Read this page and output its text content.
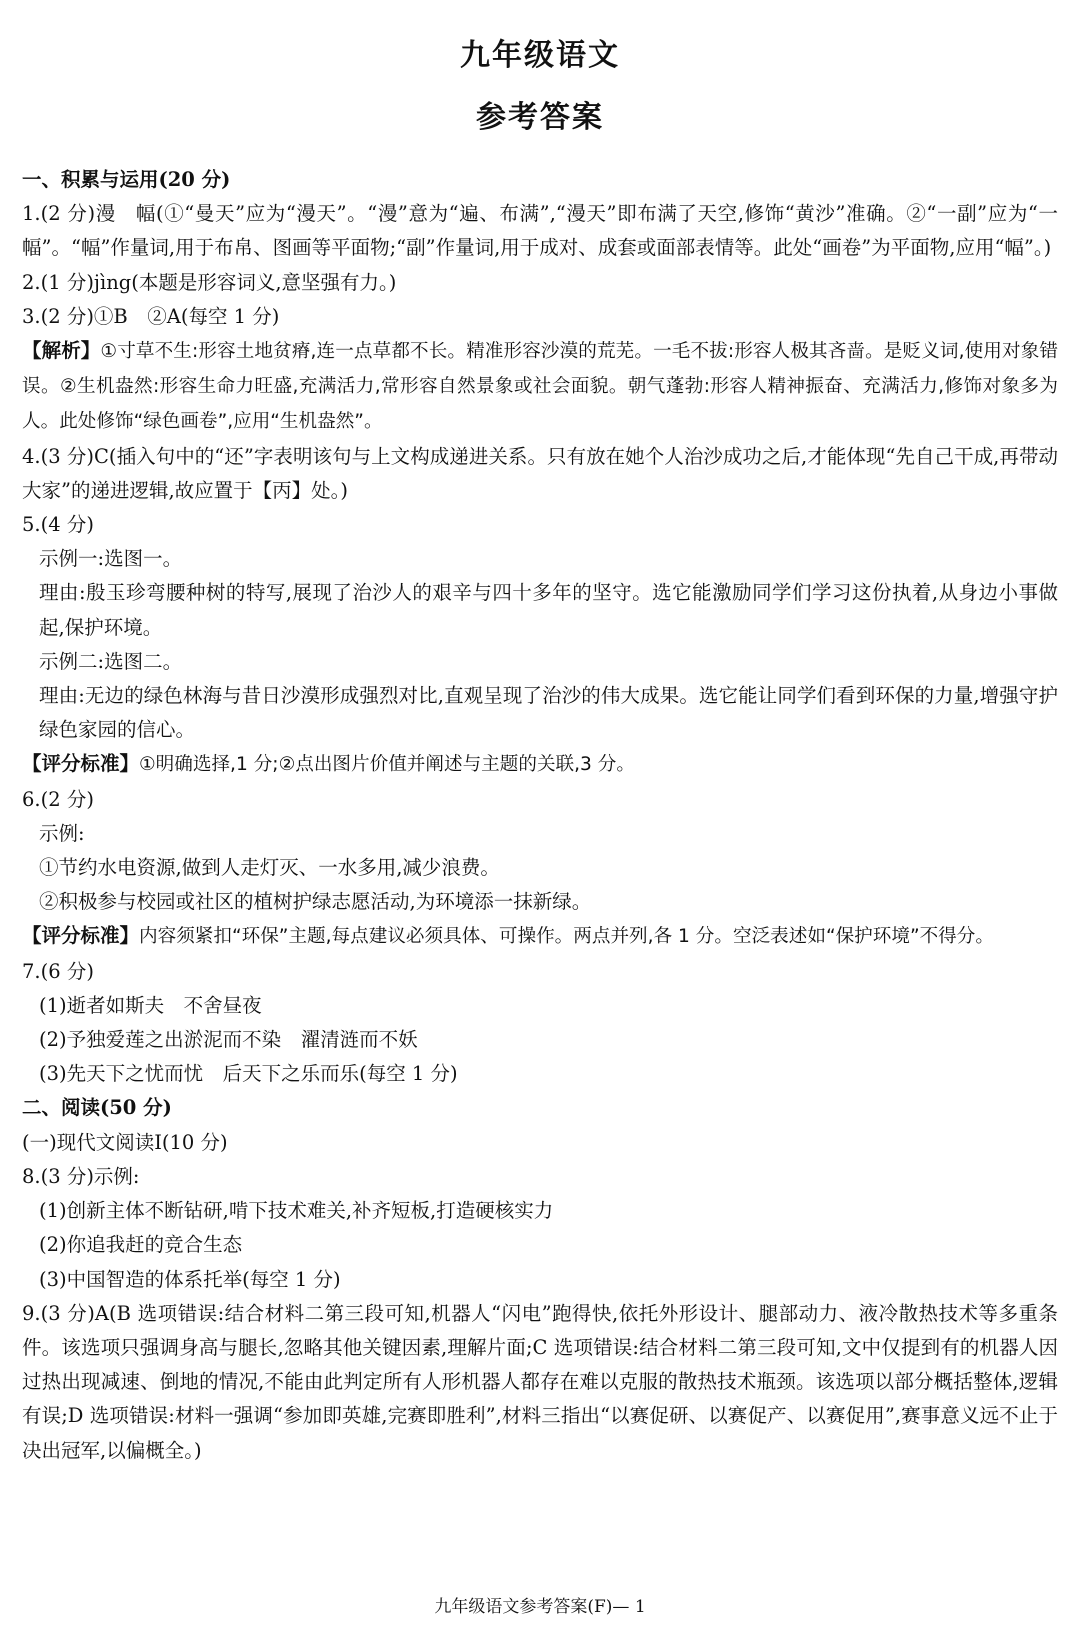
九年级语文
参考答案

一、积累与运用(20 分)

1.(2 分)漫　幅(①“曼天”应为“漫天”。“漫”意为“遍、布满”,“漫天”即布满了天空,修饰“黄沙”准确。②“一副”应为“一幅”。“幅”作量词,用于布帛、图画等平面物;“副”作量词,用于成对、成套或面部表情等。此处“画卷”为平面物,应用“幅”。)

2.(1 分)jìng(本题是形容词义,意坚强有力。)

3.(2 分)①B　②A(每空 1 分)

【解析】①寸草不生:形容土地贫瘠,连一点草都不长。精准形容沙漠的荒芜。一毛不拔:形容人极其吝啬。是贬义词,使用对象错误。②生机盎然:形容生命力旺盛,充满活力,常形容自然景象或社会面貌。朝气蓬勃:形容人精神振奋、充满活力,修饰对象多为人。此处修饰“绿色画卷”,应用“生机盎然”。

4.(3 分)C(插入句中的“还”字表明该句与上文构成递进关系。只有放在她个人治沙成功之后,才能体现“先自己干成,再带动大家”的递进逻辑,故应置于【丙】处。)

5.(4 分)

示例一:选图一。

理由:殷玉珍弯腰种树的特写,展现了治沙人的艰辛与四十多年的坚守。选它能激励同学们学习这份执着,从身边小事做起,保护环境。

示例二:选图二。

理由:无边的绿色林海与昔日沙漠形成强烈对比,直观呈现了治沙的伟大成果。选它能让同学们看到环保的力量,增强守护绿色家园的信心。

【评分标准】①明确选择,1 分;②点出图片价值并阐述与主题的关联,3 分。

6.(2 分)

示例:

①节约水电资源,做到人走灯灭、一水多用,减少浪费。

②积极参与校园或社区的植树护绿志愿活动,为环境添一抹新绿。

【评分标准】内容须紧扣“环保”主题,每点建议必须具体、可操作。两点并列,各 1 分。空泛表述如“保护环境”不得分。

7.(6 分)

(1)逝者如斯夫　不舍昼夜

(2)予独爱莲之出淤泥而不染　濯清涟而不妖

(3)先天下之忧而忧　后天下之乐而乐(每空 1 分)

二、阅读(50 分)

(一)现代文阅读Ⅰ(10 分)

8.(3 分)示例:

(1)创新主体不断钻研,啃下技术难关,补齐短板,打造硬核实力

(2)你追我赶的竞合生态

(3)中国智造的体系托举(每空 1 分)

9.(3 分)A(B 选项错误:结合材料二第三段可知,机器人“闪电”跑得快,依托外形设计、腿部动力、液冷散热技术等多重条件。该选项只强调身高与腿长,忽略其他关键因素,理解片面;C 选项错误:结合材料二第三段可知,文中仅提到有的机器人因过热出现减速、倒地的情况,不能由此判定所有人形机器人都存在难以克服的散热技术瓶颈。该选项以部分概括整体,逻辑有误;D 选项错误:材料一强调“参加即英雄,完赛即胜利”,材料三指出“以赛促研、以赛促产、以赛促用”,赛事意义远不止于决出冠军,以偏概全。)

九年级语文参考答案(F)— 1
